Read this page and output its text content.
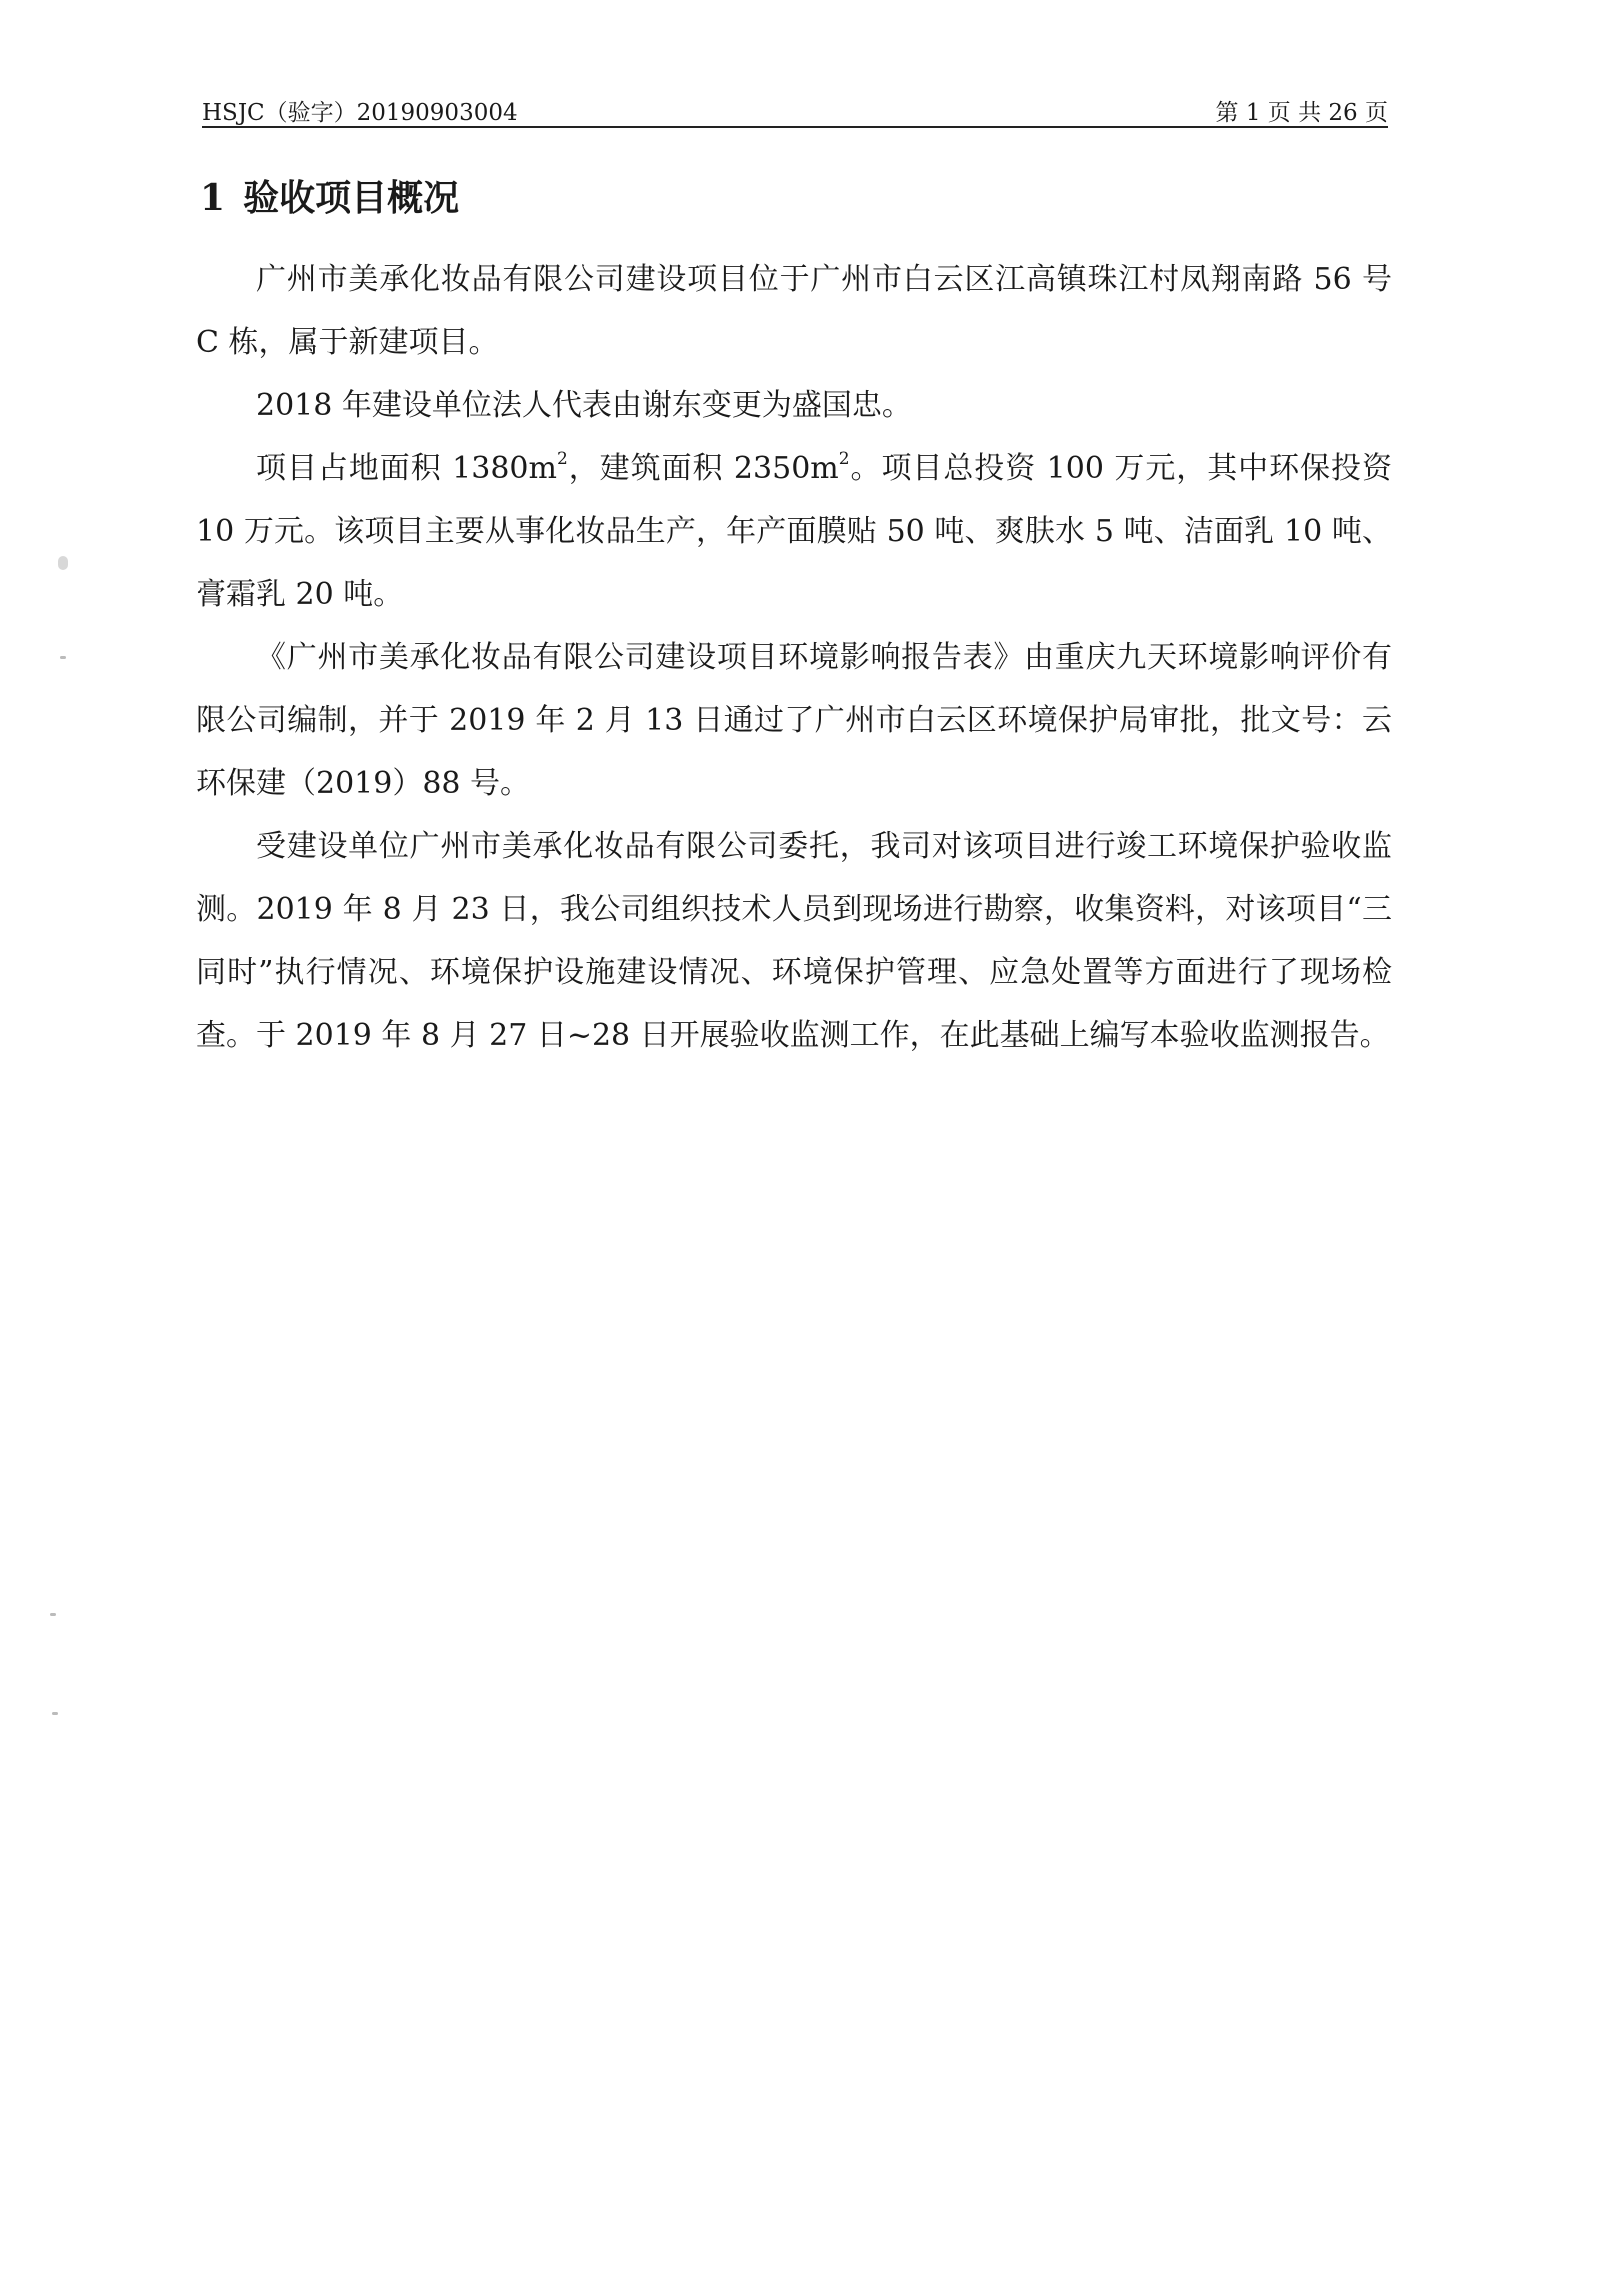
HSJC（验字）20190903004	第 1 页 共 26 页
1 验收项目概况

广州市美承化妆品有限公司建设项目位于广州市白云区江高镇珠江村凤翔南路 56 号 C 栋，属于新建项目。

2018 年建设单位法人代表由谢东变更为盛国忠。

项目占地面积 $1380m^2$，建筑面积 $2350m^2$。项目总投资 100 万元，其中环保投资 10 万元。该项目主要从事化妆品生产，年产面膜贴 50 吨、爽肤水 5 吨、洁面乳 10 吨、膏霜乳 20 吨。

《广州市美承化妆品有限公司建设项目环境影响报告表》由重庆九天环境影响评价有限公司编制，并于 2019 年 2 月 13 日通过了广州市白云区环境保护局审批，批文号：云环保建（2019）88 号。

受建设单位广州市美承化妆品有限公司委托，我司对该项目进行竣工环境保护验收监测。2019 年 8 月 23 日，我公司组织技术人员到现场进行勘察，收集资料，对该项目“三同时”执行情况、环境保护设施建设情况、环境保护管理、应急处置等方面进行了现场检查。于 2019 年 8 月 27 日~28 日开展验收监测工作，在此基础上编写本验收监测报告。
